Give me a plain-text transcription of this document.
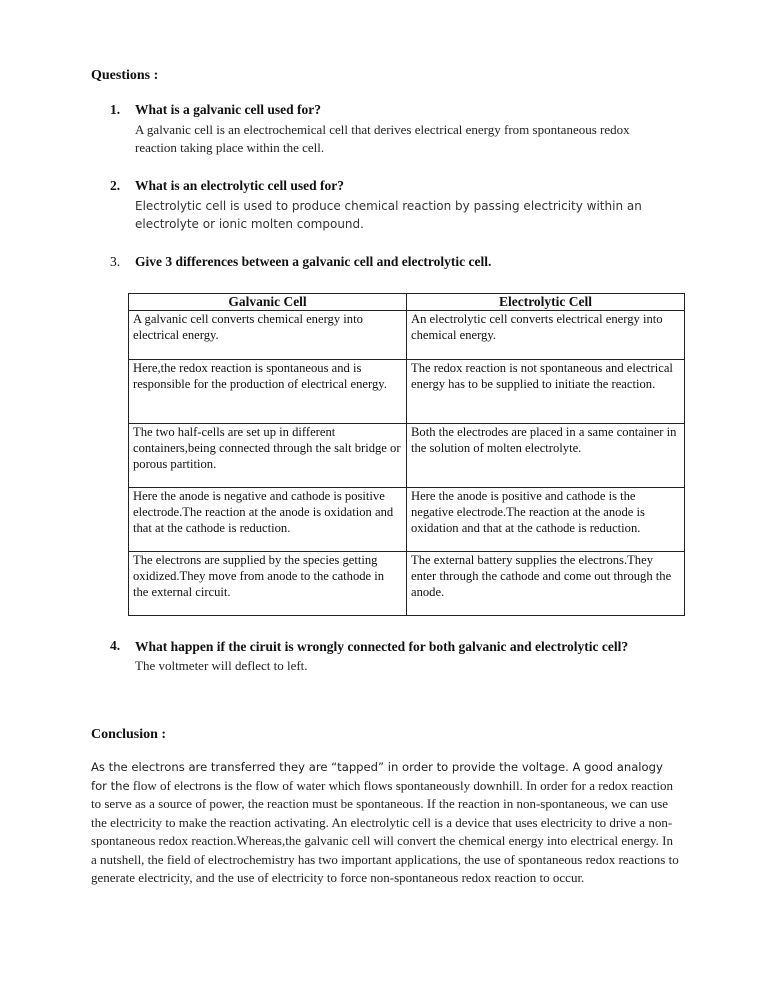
Questions :
1. What is a galvanic cell used for?
A galvanic cell is an electrochemical cell that derives electrical energy from spontaneous redox reaction taking place within the cell.
2. What is an electrolytic cell used for?
Electrolytic cell is used to produce chemical reaction by passing electricity within an electrolyte or ionic molten compound.
3. Give 3 differences between a galvanic cell and electrolytic cell.
Galvanic Cell	Electrolytic Cell
A galvanic cell converts chemical energy into electrical energy.	An electrolytic cell converts electrical energy into chemical energy.
Here,the redox reaction is spontaneous and is responsible for the production of electrical energy.	The redox reaction is not spontaneous and electrical energy has to be supplied to initiate the reaction.
The two half-cells are set up in different containers,being connected through the salt bridge or porous partition.	Both the electrodes are placed in a same container in the solution of molten electrolyte.
Here the anode is negative and cathode is positive electrode.The reaction at the anode is oxidation and that at the cathode is reduction.	Here the anode is positive and cathode is the negative electrode.The reaction at the anode is oxidation and that at the cathode is reduction.
The electrons are supplied by the species getting oxidized.They move from anode to the cathode in the external circuit.	The external battery supplies the electrons.They enter through the cathode and come out through the anode.
4. What happen if the ciruit is wrongly connected for both galvanic and electrolytic cell?
The voltmeter will deflect to left.
Conclusion :
As the electrons are transferred they are “tapped” in order to provide the voltage. A good analogy for the flow of electrons is the flow of water which flows spontaneously downhill. In order for a redox reaction to serve as a source of power, the reaction must be spontaneous. If the reaction in non-spontaneous, we can use the electricity to make the reaction activating. An electrolytic cell is a device that uses electricity to drive a non-spontaneous redox reaction.Whereas,the galvanic cell will convert the chemical energy into electrical energy. In a nutshell, the field of electrochemistry has two important applications, the use of spontaneous redox reactions to generate electricity, and the use of electricity to force non-spontaneous redox reaction to occur.
